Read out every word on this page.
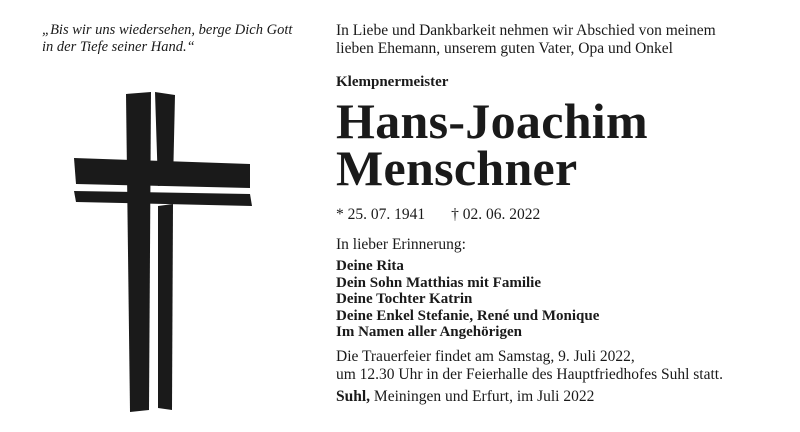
„Bis wir uns wiedersehen, berge Dich Gott
in der Tiefe seiner Hand.“
In Liebe und Dankbarkeit nehmen wir Abschied von meinem
lieben Ehemann, unserem guten Vater, Opa und Onkel
Klempnermeister
Hans-Joachim
Menschner
* 25. 07. 1941 † 02. 06. 2022
In lieber Erinnerung:
Deine Rita
Dein Sohn Matthias mit Familie
Deine Tochter Katrin
Deine Enkel Stefanie, René und Monique
Im Namen aller Angehörigen
Die Trauerfeier findet am Samstag, 9. Juli 2022,
um 12.30 Uhr in der Feierhalle des Hauptfriedhofes Suhl statt.
Suhl, Meiningen und Erfurt, im Juli 2022
